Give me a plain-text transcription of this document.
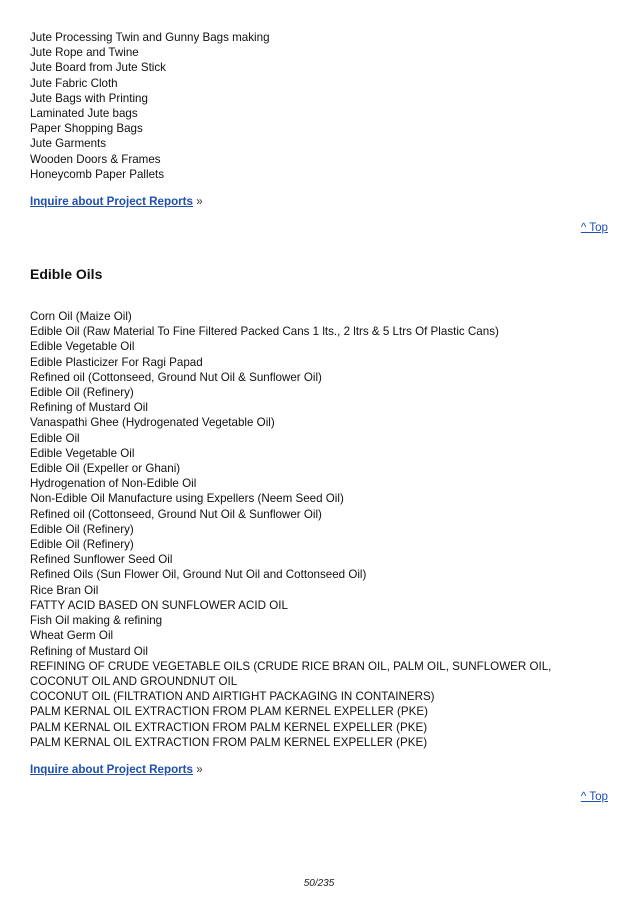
Jute Processing Twin and Gunny Bags making
Jute Rope and Twine
Jute Board from Jute Stick
Jute Fabric Cloth
Jute Bags with Printing
Laminated Jute bags
Paper Shopping Bags
Jute Garments
Wooden Doors & Frames
Honeycomb Paper Pallets
Inquire about Project Reports »
^ Top
Edible Oils
Corn Oil (Maize Oil)
Edible Oil (Raw Material To Fine Filtered Packed Cans 1 lts., 2 ltrs & 5 Ltrs Of Plastic Cans)
Edible Vegetable Oil
Edible Plasticizer For Ragi Papad
Refined oil (Cottonseed, Ground Nut Oil & Sunflower Oil)
Edible Oil (Refinery)
Refining of Mustard Oil
Vanaspathi Ghee (Hydrogenated Vegetable Oil)
Edible Oil
Edible Vegetable Oil
Edible Oil (Expeller or Ghani)
Hydrogenation of Non-Edible Oil
Non-Edible Oil Manufacture using Expellers (Neem Seed Oil)
Refined oil (Cottonseed, Ground Nut Oil & Sunflower Oil)
Edible Oil (Refinery)
Edible Oil (Refinery)
Refined Sunflower Seed Oil
Refined Oils (Sun Flower Oil, Ground Nut Oil and Cottonseed Oil)
Rice Bran Oil
FATTY ACID BASED ON SUNFLOWER ACID OIL
Fish Oil making & refining
Wheat Germ Oil
Refining of Mustard Oil
REFINING OF CRUDE VEGETABLE OILS (CRUDE RICE BRAN OIL, PALM OIL, SUNFLOWER OIL,
COCONUT OIL AND GROUNDNUT OIL
COCONUT OIL (FILTRATION AND AIRTIGHT PACKAGING IN CONTAINERS)
PALM KERNAL OIL EXTRACTION FROM PLAM KERNEL EXPELLER (PKE)
PALM KERNAL OIL EXTRACTION FROM PALM KERNEL EXPELLER (PKE)
PALM KERNAL OIL EXTRACTION FROM PALM KERNEL EXPELLER (PKE)
Inquire about Project Reports »
^ Top
50/235
